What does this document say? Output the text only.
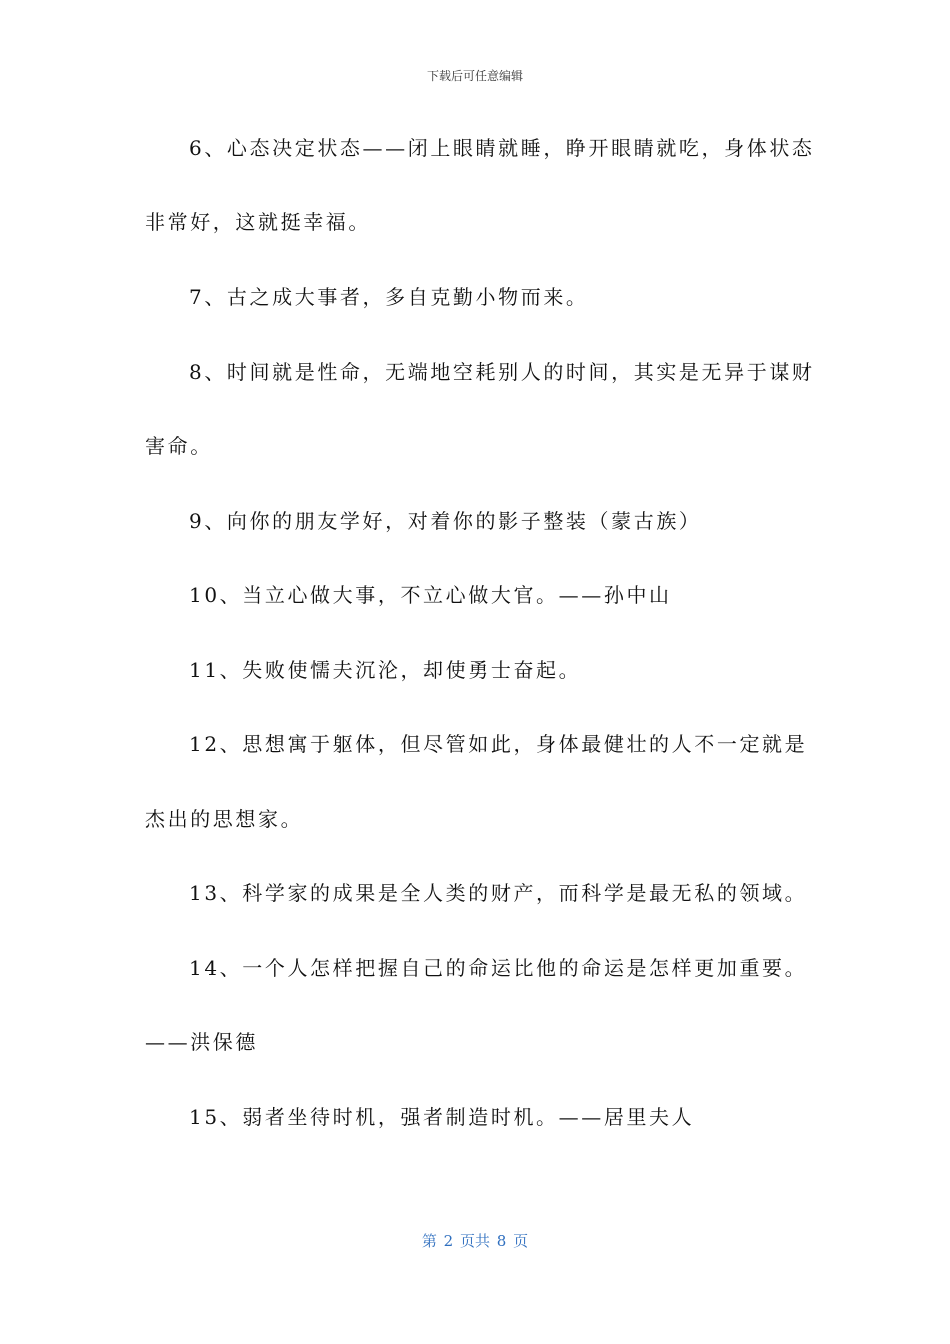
下载后可任意编辑
6、心态决定状态——闭上眼睛就睡，睁开眼睛就吃，身体状态
非常好，这就挺幸福。
7、古之成大事者，多自克勤小物而来。
8、时间就是性命，无端地空耗别人的时间，其实是无异于谋财
害命。
9、向你的朋友学好，对着你的影子整装（蒙古族）
10、当立心做大事，不立心做大官。——孙中山
11、失败使懦夫沉沦，却使勇士奋起。
12、思想寓于躯体，但尽管如此，身体最健壮的人不一定就是
杰出的思想家。
13、科学家的成果是全人类的财产，而科学是最无私的领域。
14、一个人怎样把握自己的命运比他的命运是怎样更加重要。
——洪保德
15、弱者坐待时机，强者制造时机。——居里夫人
第 2 页共 8 页
